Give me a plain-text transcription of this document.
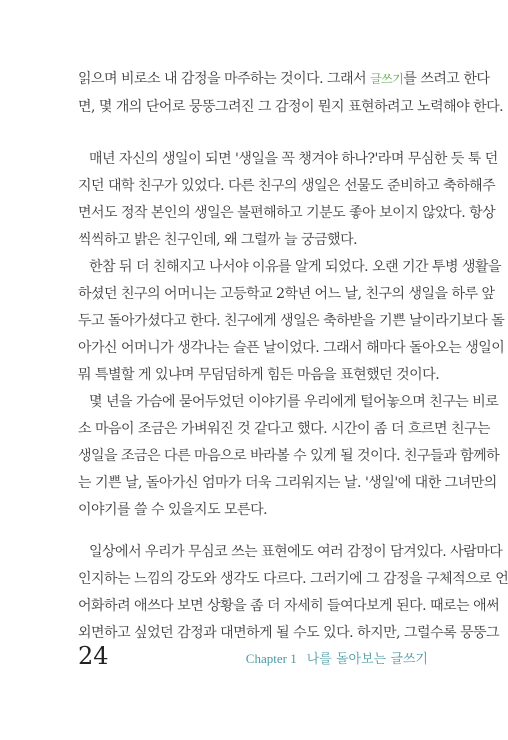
읽으며 비로소 내 감정을 마주하는 것이다. 그래서 글쓰기를 쓰려고 한다
면, 몇 개의 단어로 뭉뚱그려진 그 감정이 뭔지 표현하려고 노력해야 한다.
매년 자신의 생일이 되면 '생일을 꼭 챙겨야 하나?'라며 무심한 듯 툭 던
지던 대학 친구가 있었다. 다른 친구의 생일은 선물도 준비하고 축하해주
면서도 정작 본인의 생일은 불편해하고 기분도 좋아 보이지 않았다. 항상
씩씩하고 밝은 친구인데, 왜 그럴까 늘 궁금했다.
한참 뒤 더 친해지고 나서야 이유를 알게 되었다. 오랜 기간 투병 생활을
하셨던 친구의 어머니는 고등학교 2학년 어느 날, 친구의 생일을 하루 앞
두고 돌아가셨다고 한다. 친구에게 생일은 축하받을 기쁜 날이라기보다 돌
아가신 어머니가 생각나는 슬픈 날이었다. 그래서 해마다 돌아오는 생일이
뭐 특별할 게 있냐며 무덤덤하게 힘든 마음을 표현했던 것이다.
몇 년을 가슴에 묻어두었던 이야기를 우리에게 털어놓으며 친구는 비로
소 마음이 조금은 가벼워진 것 같다고 했다. 시간이 좀 더 흐르면 친구는
생일을 조금은 다른 마음으로 바라볼 수 있게 될 것이다. 친구들과 함께하
는 기쁜 날, 돌아가신 엄마가 더욱 그리워지는 날. '생일'에 대한 그녀만의
이야기를 쓸 수 있을지도 모른다.
24	Chapter 1 나를 돌아보는 글쓰기
일상에서 우리가 무심코 쓰는 표현에도 여러 감정이 담겨있다. 사람마다
인지하는 느낌의 강도와 생각도 다르다. 그러기에 그 감정을 구체적으로 언
어화하려 애쓰다 보면 상황을 좀 더 자세히 들여다보게 된다. 때로는 애써
외면하고 싶었던 감정과 대면하게 될 수도 있다. 하지만, 그럴수록 뭉뚱그
